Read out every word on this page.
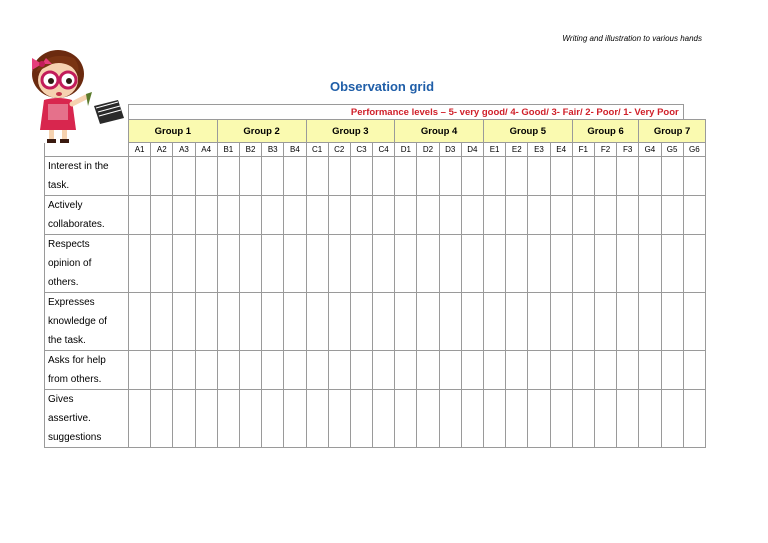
Writing and illustration to various hands
Observation grid
	Performance levels – 5- very good/ 4- Good/ 3- Fair/ 2- Poor/ 1- Very Poor																									
	Group 1				Group 2				Group 3				Group 4				Group 5				Group 6			Group 7		
	A1	A2	A3	A4	B1	B2	B3	B4	C1	C2	C3	C4	D1	D2	D3	D4	E1	E2	E3	E4	F1	F2	F3	G4	G5	G6

Interest in the
task.																										

Actively
collaborates.																										

Respects
opinion of
others.																										

Expresses
knowledge of
the task.																										

Asks for help
from others.																										

Gives
assertive.
suggestions																										
